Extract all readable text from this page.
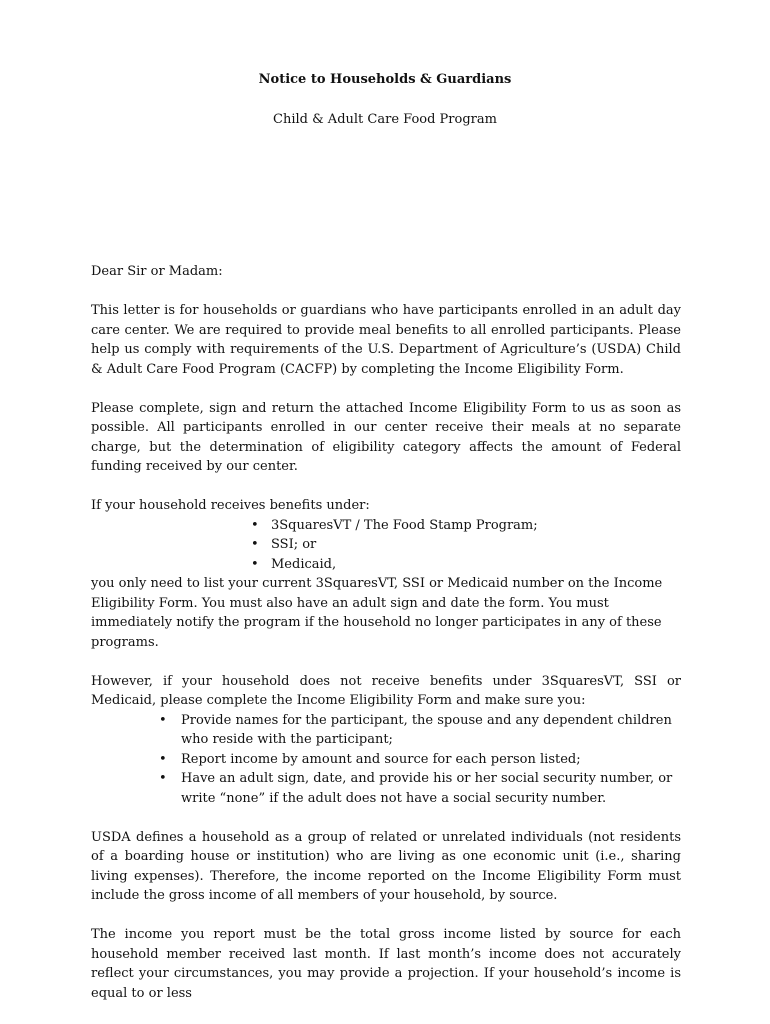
Notice to Households & Guardians
Child & Adult Care Food Program

Dear Sir or Madam:

This letter is for households or guardians who have participants enrolled in an adult day care center. We are required to provide meal benefits to all enrolled participants. Please help us comply with requirements of the U.S. Department of Agriculture’s (USDA) Child & Adult Care Food Program (CACFP) by completing the Income Eligibility Form.

Please complete, sign and return the attached Income Eligibility Form to us as soon as possible. All participants enrolled in our center receive their meals at no separate charge, but the determination of eligibility category affects the amount of Federal funding received by our center.

If your household receives benefits under:

• 3SquaresVT / The Food Stamp Program;
• SSI; or
• Medicaid,

you only need to list your current 3SquaresVT, SSI or Medicaid number on the Income Eligibility Form. You must also have an adult sign and date the form. You must immediately notify the program if the household no longer participates in any of these programs.

However, if your household does not receive benefits under 3SquaresVT, SSI or Medicaid, please complete the Income Eligibility Form and make sure you:

• Provide names for the participant, the spouse and any dependent children who reside with the participant;
• Report income by amount and source for each person listed;
• Have an adult sign, date, and provide his or her social security number, or write “none” if the adult does not have a social security number.

USDA defines a household as a group of related or unrelated individuals (not residents of a boarding house or institution) who are living as one economic unit (i.e., sharing living expenses). Therefore, the income reported on the Income Eligibility Form must include the gross income of all members of your household, by source.

The income you report must be the total gross income listed by source for each household member received last month. If last month’s income does not accurately reflect your circumstances, you may provide a projection. If your household’s income is equal to or less
